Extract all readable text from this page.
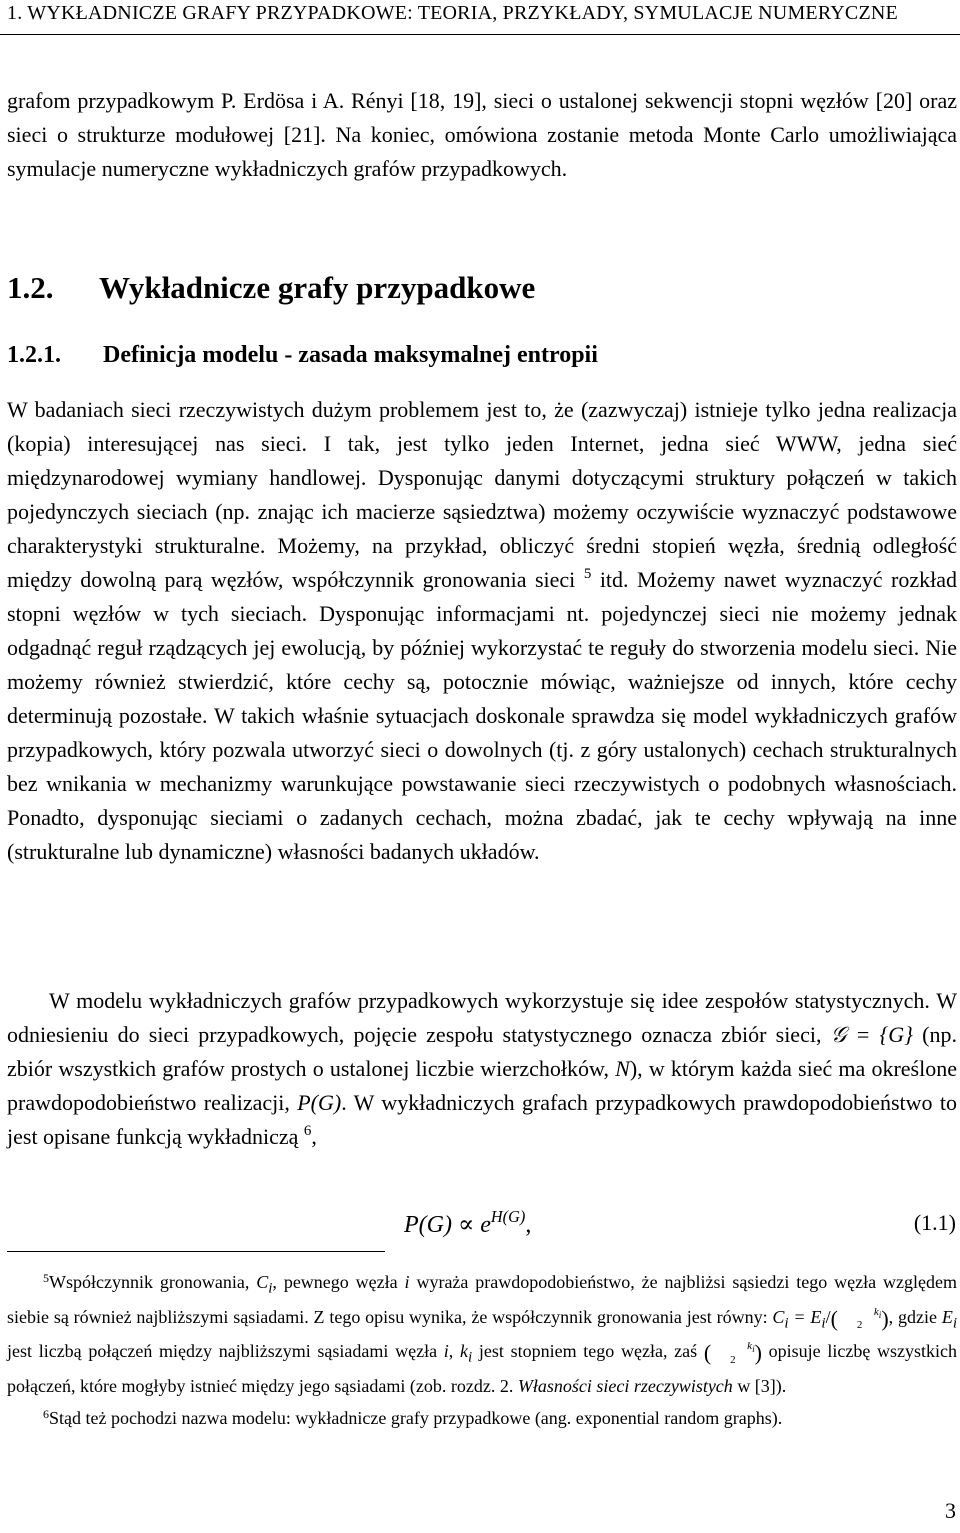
1. WYKŁADNICZE GRAFY PRZYPADKOWE: TEORIA, PRZYKŁADY, SYMULACJE NUMERYCZNE

grafom przypadkowym P. Erdösa i A. Rényi [18, 19], sieci o ustalonej sekwencji stopni węzłów [20] oraz sieci o strukturze modułowej [21]. Na koniec, omówiona zostanie metoda Monte Carlo umożliwiająca symulacje numeryczne wykładniczych grafów przypadkowych.

1.2. Wykładnicze grafy przypadkowe
1.2.1. Definicja modelu - zasada maksymalnej entropii

W badaniach sieci rzeczywistych dużym problemem jest to, że (zazwyczaj) istnieje tylko jedna realizacja (kopia) interesującej nas sieci. I tak, jest tylko jeden Internet, jedna sieć WWW, jedna sieć międzynarodowej wymiany handlowej. Dysponując danymi dotyczącymi struktury połączeń w takich pojedynczych sieciach (np. znając ich macierze sąsiedztwa) możemy oczywiście wyznaczyć podstawowe charakterystyki strukturalne. Możemy, na przykład, obliczyć średni stopień węzła, średnią odległość między dowolną parą węzłów, współczynnik gronowania sieci $^5$ itd. Możemy nawet wyznaczyć rozkład stopni węzłów w tych sieciach. Dysponując informacjami nt. pojedynczej sieci nie możemy jednak odgadnąć reguł rządzących jej ewolucją, by później wykorzystać te reguły do stworzenia modelu sieci. Nie możemy również stwierdzić, które cechy są, potocznie mówiąc, ważniejsze od innych, które cechy determinują pozostałe. W takich właśnie sytuacjach doskonale sprawdza się model wykładniczych grafów przypadkowych, który pozwala utworzyć sieci o dowolnych (tj. z góry ustalonych) cechach strukturalnych bez wnikania w mechanizmy warunkujące powstawanie sieci rzeczywistych o podobnych własnościach. Ponadto, dysponując sieciami o zadanych cechach, można zbadać, jak te cechy wpływają na inne (strukturalne lub dynamiczne) własności badanych układów.

W modelu wykładniczych grafów przypadkowych wykorzystuje się idee zespołów statystycznych. W odniesieniu do sieci przypadkowych, pojęcie zespołu statystycznego oznacza zbiór sieci, 𝒢 = {G} (np. zbiór wszystkich grafów prostych o ustalonej liczbie wierzchołków, N), w którym każda sieć ma określone prawdopodobieństwo realizacji, P(G). W wykładniczych grafach przypadkowych prawdopodobieństwo to jest opisane funkcją wykładniczą $^6$,

$P(G) \propto e^{H(G)}$,	(1.1)

$^5$Współczynnik gronowania, $C_i$, pewnego węzła i wyraża prawdopodobieństwo, że najbliżsi sąsiedzi tego węzła względem siebie są również najbliższymi sąsiadami. Z tego opisu wynika, że współczynnik gronowania jest równy: $C_i = E_i/$(	$k_i$
2 ), gdzie $E_i$ jest liczbą połączeń między najbliższymi sąsiadami węzła i, $k_i$ jest stopniem tego węzła, zaś (	$k_i$
2 ) opisuje liczbę wszystkich połączeń, które mogłyby istnieć między jego sąsiadami (zob. rozdz. 2. Własności sieci rzeczywistych w [3]).

$^6$Stąd też pochodzi nazwa modelu: wykładnicze grafy przypadkowe (ang. exponential random graphs).

3
